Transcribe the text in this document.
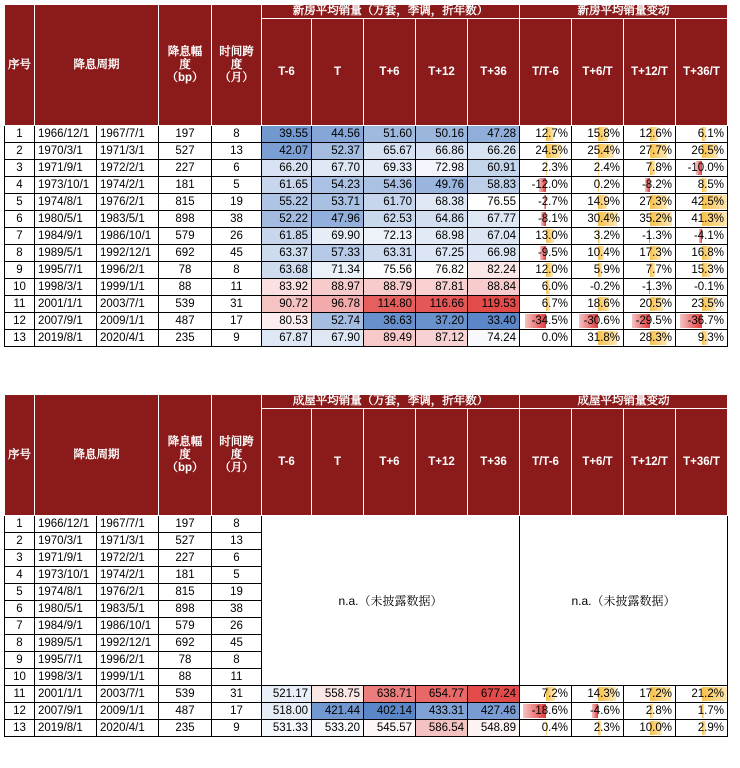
序号	降息周期		降息幅
度
（bp）	时间跨
度
（月）	新房平均销量（万套，季调，折年数）					新房平均销量变动			
					T-6	T	T+6	T+12	T+36	T/T-6	T+6/T	T+12/T	T+36/T
1	1966/12/1	1967/7/1	197	8	39.55	44.56	51.60	50.16	47.28	12.7%	15.8%	12.6%	6.1%
2	1970/3/1	1971/3/1	527	13	42.07	52.37	65.67	66.86	66.26	24.5%	25.4%	27.7%	26.5%
3	1971/9/1	1972/2/1	227	6	66.20	67.70	69.33	72.98	60.91	2.3%	2.4%	7.8%	-10.0%
4	1973/10/1	1974/2/1	181	5	61.65	54.23	54.36	49.76	58.83	-12.0%	0.2%	-8.2%	8.5%
5	1974/8/1	1976/2/1	815	19	55.22	53.71	61.70	68.38	76.55	-2.7%	14.9%	27.3%	42.5%
6	1980/5/1	1983/5/1	898	38	52.22	47.96	62.53	64.86	67.77	-8.1%	30.4%	35.2%	41.3%
7	1984/9/1	1986/10/1	579	26	61.85	69.90	72.13	68.98	67.04	13.0%	3.2%	-1.3%	-4.1%
8	1989/5/1	1992/12/1	692	45	63.37	57.33	63.31	67.25	66.98	-9.5%	10.4%	17.3%	16.8%
9	1995/7/1	1996/2/1	78	8	63.68	71.34	75.56	76.82	82.24	12.0%	5.9%	7.7%	15.3%
10	1998/3/1	1999/1/1	88	11	83.92	88.97	88.79	87.81	88.84	6.0%	-0.2%	-1.3%	-0.1%
11	2001/1/1	2003/7/1	539	31	90.72	96.78	114.80	116.66	119.53	6.7%	18.6%	20.5%	23.5%
12	2007/9/1	2009/1/1	487	17	80.53	52.74	36.63	37.20	33.40	-34.5%	-30.6%	-29.5%	-36.7%
13	2019/8/1	2020/4/1	235	9	67.87	67.90	89.49	87.12	74.24	0.0%	31.8%	28.3%	9.3%
序号	降息周期		降息幅
度
（bp）	时间跨
度
（月）	成屋平均销量（万套，季调，折年数）					成屋平均销量变动			
					T-6	T	T+6	T+12	T+36	T/T-6	T+6/T	T+12/T	T+36/T
1	1966/12/1	1967/7/1	197	8	n.a.（未披露数据）					n.a.（未披露数据）			
2	1970/3/1	1971/3/1	527	13									
3	1971/9/1	1972/2/1	227	6									
4	1973/10/1	1974/2/1	181	5									
5	1974/8/1	1976/2/1	815	19									
6	1980/5/1	1983/5/1	898	38									
7	1984/9/1	1986/10/1	579	26									
8	1989/5/1	1992/12/1	692	45									
9	1995/7/1	1996/2/1	78	8									
10	1998/3/1	1999/1/1	88	11									
11	2001/1/1	2003/7/1	539	31	521.17	558.75	638.71	654.77	677.24	7.2%	14.3%	17.2%	21.2%
12	2007/9/1	2009/1/1	487	17	518.00	421.44	402.14	433.31	427.46	-18.6%	-4.6%	2.8%	1.7%
13	2019/8/1	2020/4/1	235	9	531.33	533.20	545.57	586.54	548.89	0.4%	2.3%	10.0%	2.9%
